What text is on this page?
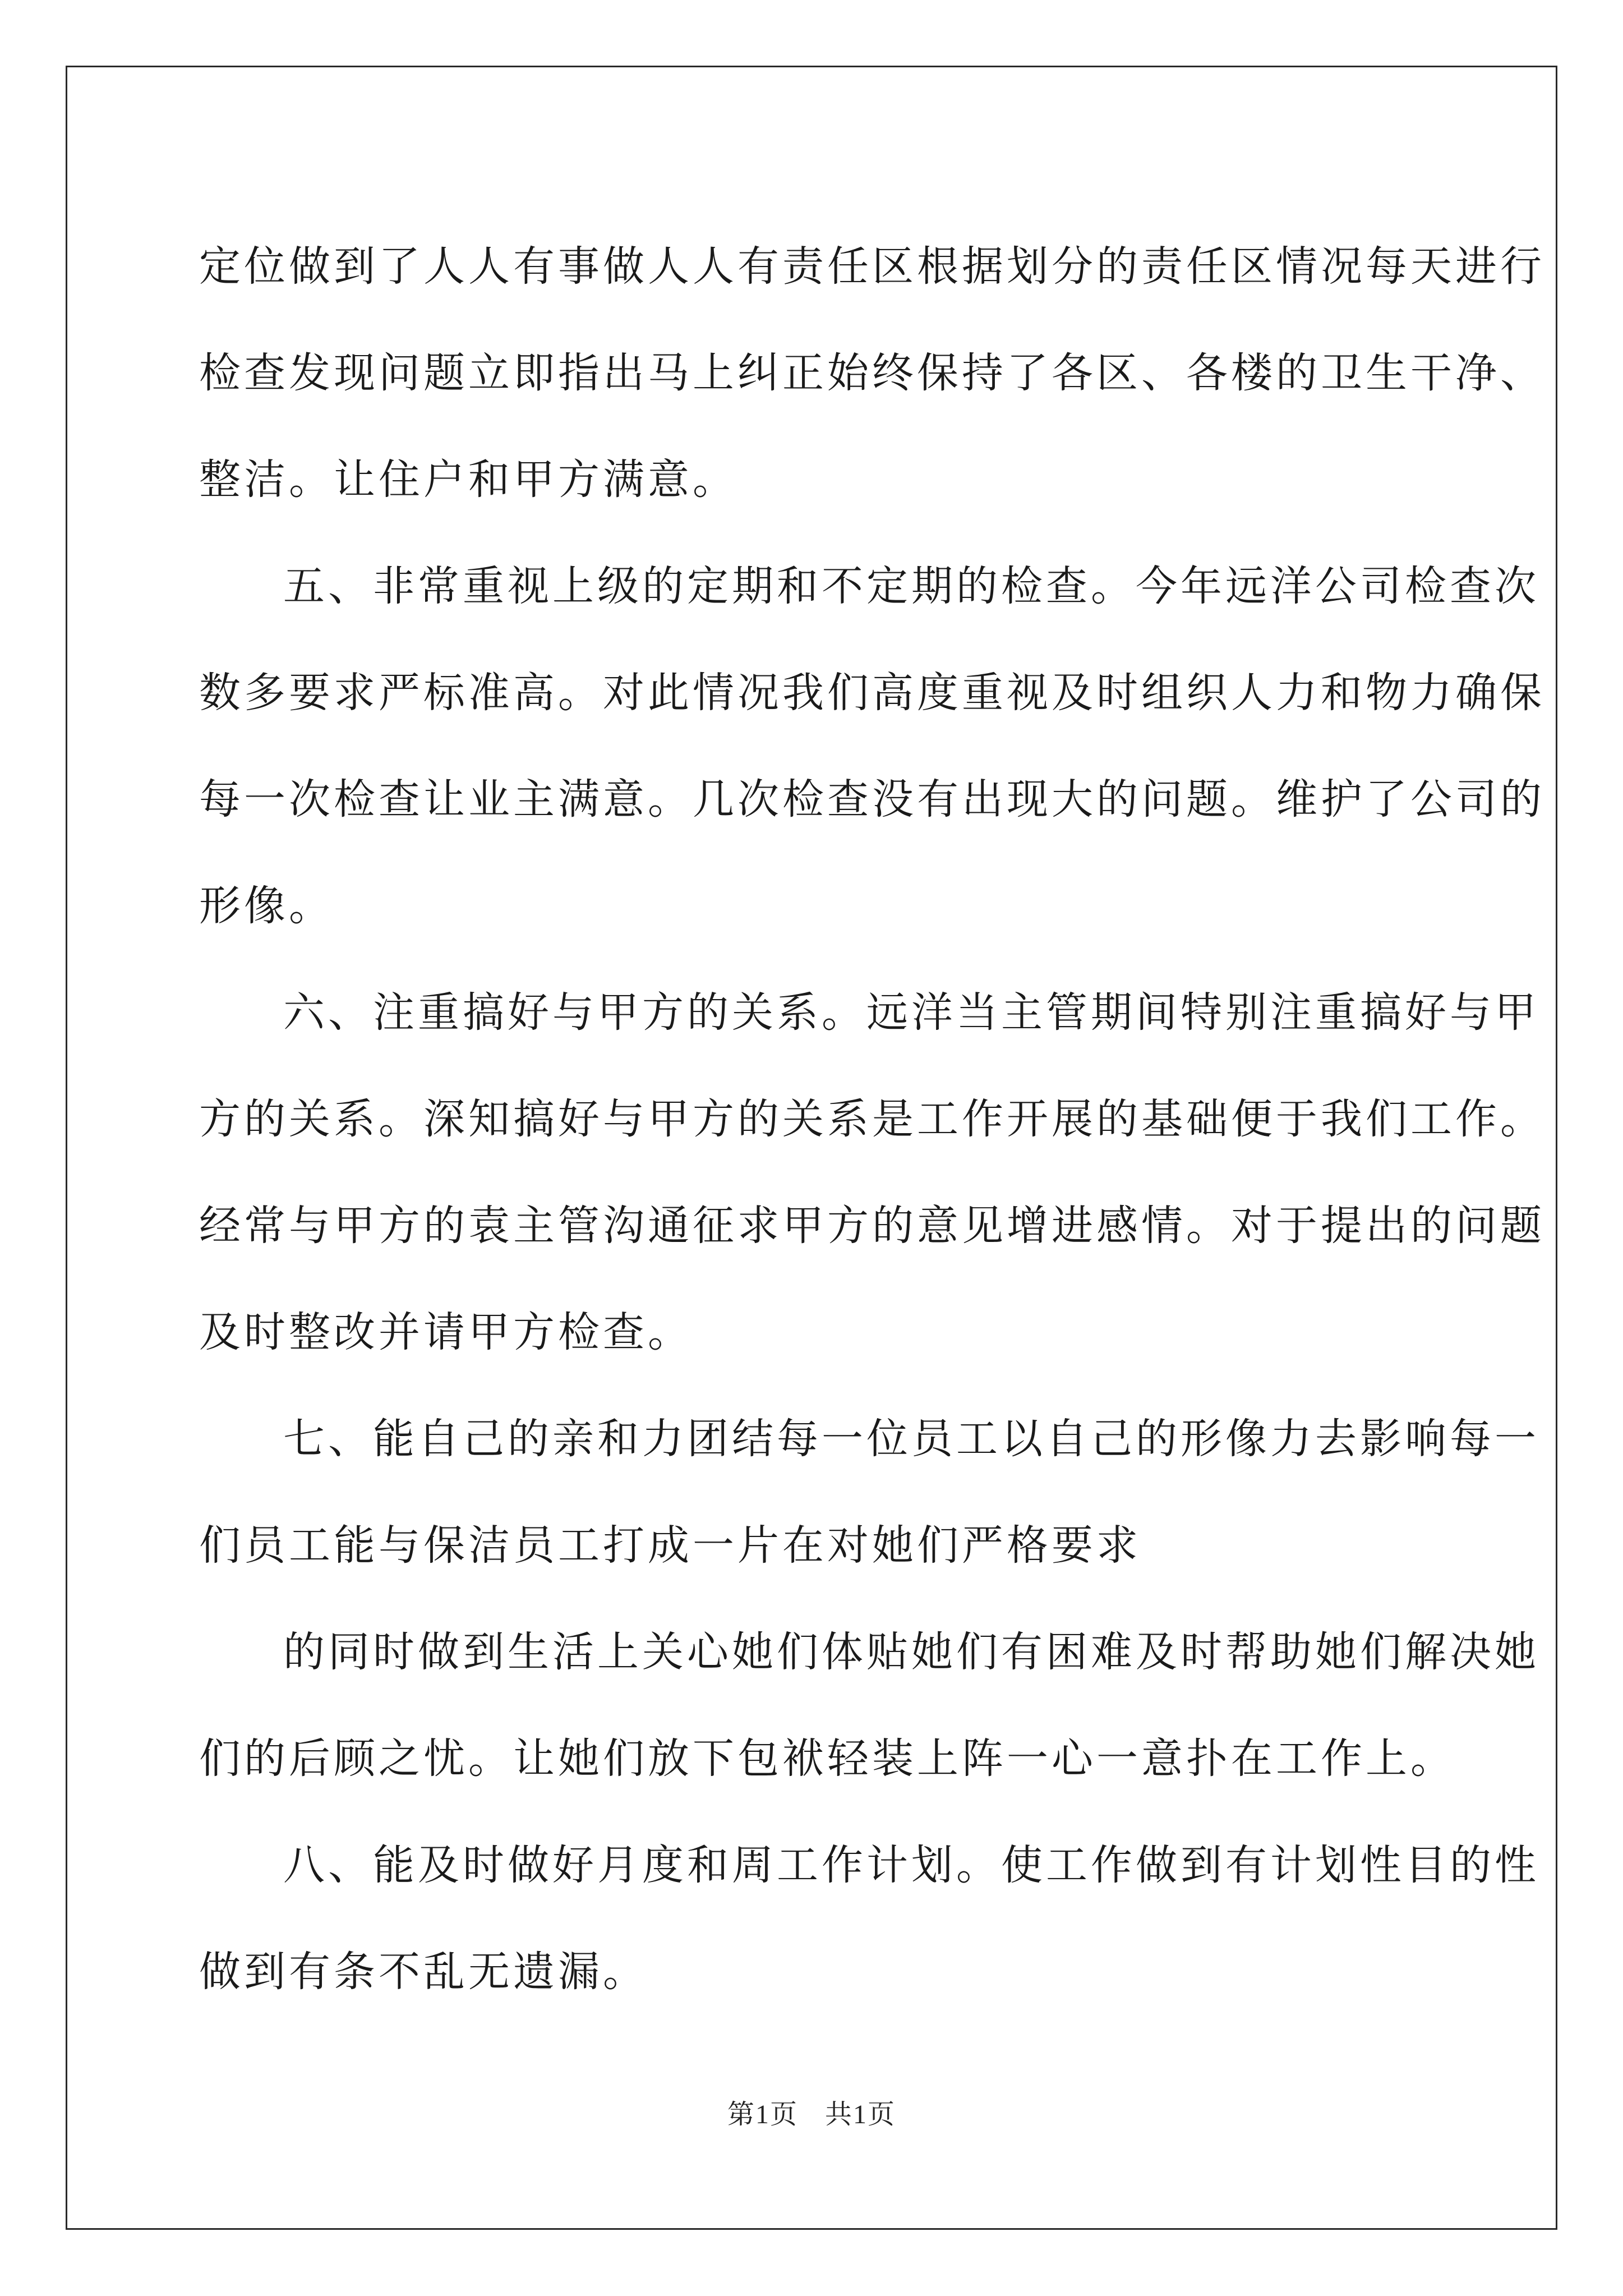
定位做到了人人有事做人人有责任区根据划分的责任区情况每天进行
检查发现问题立即指出马上纠正始终保持了各区、各楼的卫生干净、
整洁。让住户和甲方满意。

五、非常重视上级的定期和不定期的检查。今年远洋公司检查次
数多要求严标准高。对此情况我们高度重视及时组织人力和物力确保
每一次检查让业主满意。几次检查没有出现大的问题。维护了公司的
形像。

六、注重搞好与甲方的关系。远洋当主管期间特别注重搞好与甲
方的关系。深知搞好与甲方的关系是工作开展的基础便于我们工作。
经常与甲方的袁主管沟通征求甲方的意见增进感情。对于提出的问题
及时整改并请甲方检查。

七、能自己的亲和力团结每一位员工以自己的形像力去影响每一
们员工能与保洁员工打成一片在对她们严格要求

的同时做到生活上关心她们体贴她们有困难及时帮助她们解决她
们的后顾之忧。让她们放下包袱轻装上阵一心一意扑在工作上。

八、能及时做好月度和周工作计划。使工作做到有计划性目的性
做到有条不乱无遗漏。

第1页 共1页
